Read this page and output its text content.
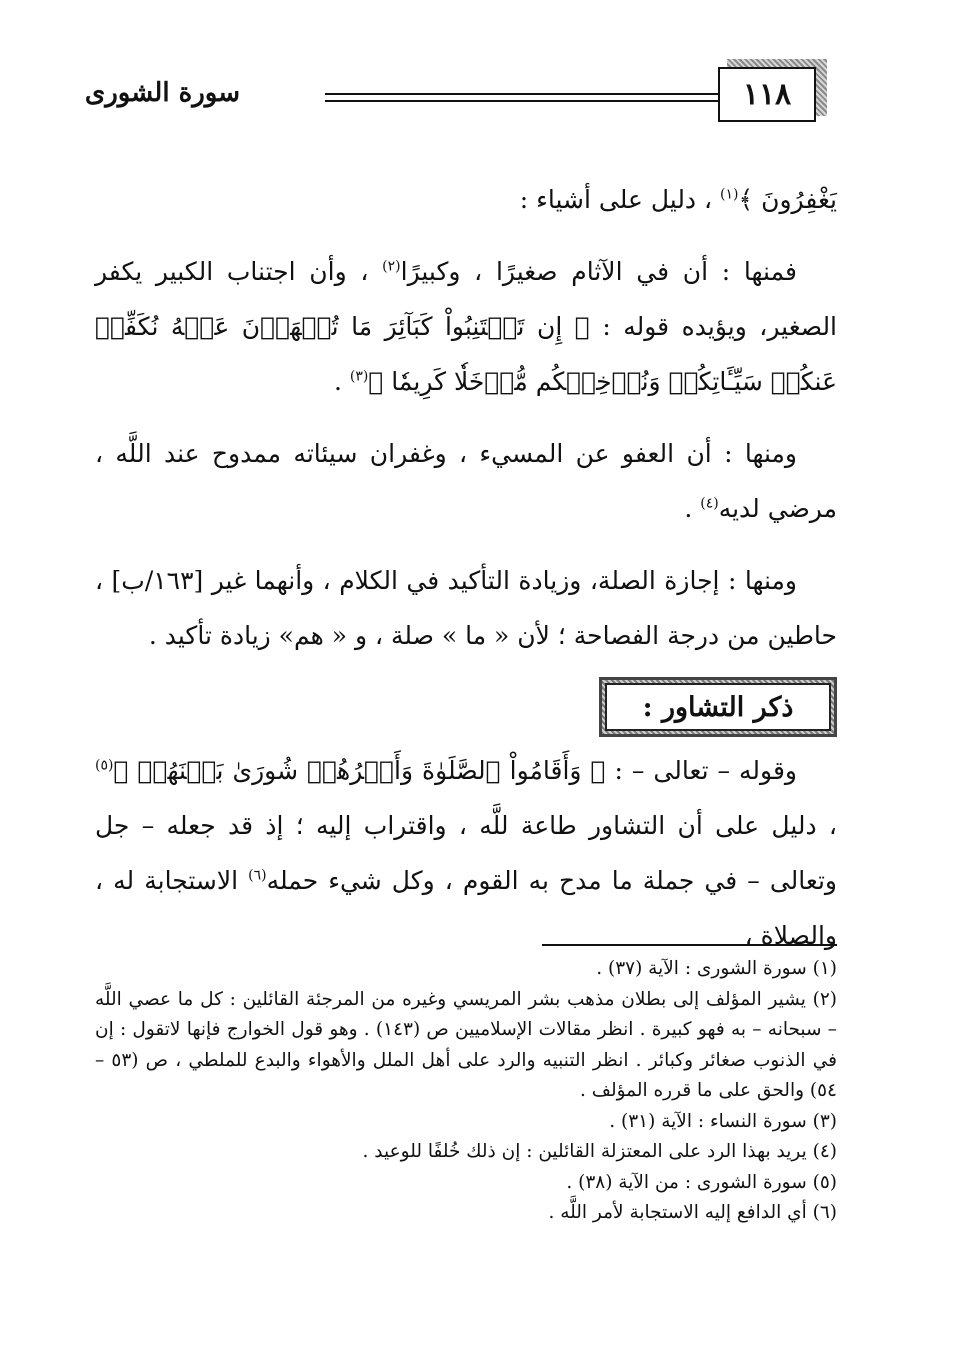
سورة الشورى	١١٨

يَغْفِرُونَ ﴾$^{(١)}$ ، دليل على أشياء :

فمنها : أن في الآثام صغيرًا ، وكبيرًا$^{(٢)}$ ، وأن اجتناب الكبير يكفر الصغير، ويؤيده قوله : ﴿ إِن تَجۡتَنِبُواْ كَبَآئِرَ مَا تُنۡهَوۡنَ عَنۡهُ نُكَفِّرۡ عَنكُمۡ سَيِّـَٔاتِكُمۡ وَنُدۡخِلۡكُم مُّدۡخَلٗا كَرِيمٗا ﴾$^{(٣)}$ .

ومنها : أن العفو عن المسيء ، وغفران سيئاته ممدوح عند اللَّه ، مرضي لديه$^{(٤)}$ .

ومنها : إجازة الصلة، وزيادة التأكيد في الكلام ، وأنهما غير [١٦٣/ب] ، حاطين من درجة الفصاحة ؛ لأن « ما » صلة ، و « هم» زيادة تأكيد .

ذكر التشاور :

وقوله – تعالى – : ﴿ وَأَقَامُواْ ٱلصَّلَوٰةَ وَأَمۡرُهُمۡ شُورَىٰ بَيۡنَهُمۡ ﴾$^{(٥)}$ ، دليل على أن التشاور طاعة للَّه ، واقتراب إليه ؛ إذ قد جعله – جل وتعالى – في جملة ما مدح به القوم ، وكل شيء حمله$^{(٦)}$ الاستجابة له ، والصلاة ،

(١) سورة الشورى : الآية (٣٧) .

(٢) يشير المؤلف إلى بطلان مذهب بشر المريسي وغيره من المرجئة القائلين : كل ما عصي اللَّه – سبحانه – به فهو كبيرة . انظر مقالات الإسلاميين ص (١٤٣) . وهو قول الخوارج فإنها لاتقول : إن في الذنوب صغائر وكبائر . انظر التنبيه والرد على أهل الملل والأهواء والبدع للملطي ، ص (٥٣ – ٥٤) والحق على ما قرره المؤلف .

(٣) سورة النساء : الآية (٣١) .

(٤) يريد بهذا الرد على المعتزلة القائلين : إن ذلك خُلفًا للوعيد .

(٥) سورة الشورى : من الآية (٣٨) .

(٦) أي الدافع إليه الاستجابة لأمر اللَّه .
